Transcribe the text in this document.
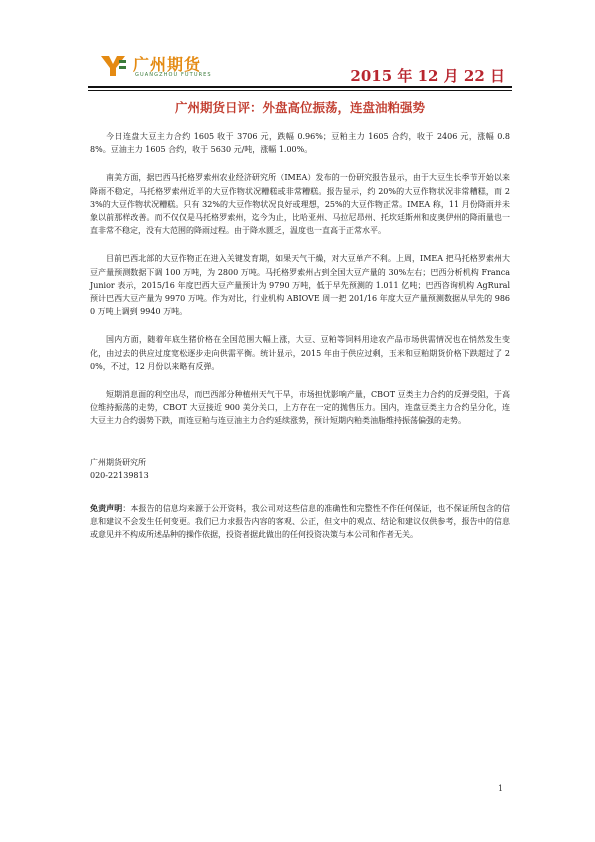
广州期货
GUANGZHOU FUTURES	2015 年 12 月 22 日
广州期货日评：外盘高位振荡，连盘油粕强势

今日连盘大豆主力合约 1605 收于 3706 元，跌幅 0.96%；豆粕主力 1605 合约，收于 2406 元，涨幅 0.88%。豆油主力 1605 合约，收于 5630 元/吨，涨幅 1.00%。

南美方面，据巴西马托格罗索州农业经济研究所（IMEA）发布的一份研究报告显示，由于大豆生长季节开始以来降雨不稳定，马托格罗索州近半的大豆作物状况糟糕或非常糟糕。报告显示，约 20%的大豆作物状况非常糟糕，而 23%的大豆作物状况糟糕。只有 32%的大豆作物状况良好或理想，25%的大豆作物正常。IMEA 称，11 月份降雨并未象以前那样改善。而不仅仅是马托格罗索州，迄今为止，比哈亚州、马拉尼昂州、托坎廷斯州和皮奥伊州的降雨量也一直非常不稳定，没有大范围的降雨过程。由于降水匮乏，温度也一直高于正常水平。

目前巴西北部的大豆作物正在进入关键发育期，如果天气干燥，对大豆单产不利。上周，IMEA 把马托格罗索州大豆产量预测数据下调 100 万吨，为 2800 万吨。马托格罗索州占到全国大豆产量的 30%左右；巴西分析机构 Franca Junior 表示，2015/16 年度巴西大豆产量预计为 9790 万吨，低于早先预测的 1.011 亿吨；巴西咨询机构 AgRural 预计巴西大豆产量为 9970 万吨。作为对比，行业机构 ABIOVE 周一把 201/16 年度大豆产量预测数据从早先的 9860 万吨上调到 9940 万吨。

国内方面，随着年底生猪价格在全国范围大幅上涨，大豆、豆粕等饲料用途农产品市场供需情况也在悄然发生变化，由过去的供应过度宽松逐步走向供需平衡。统计显示，2015 年由于供应过剩，玉米和豆粕期货价格下跌超过了 20%，不过，12 月份以来略有反弹。

短期消息面的利空出尽，而巴西部分种植州天气干旱，市场担忧影响产量，CBOT 豆类主力合约的反弹受阻，于高位维持振荡的走势，CBOT 大豆接近 900 美分关口，上方存在一定的抛售压力。国内，连盘豆类主力合约呈分化，连大豆主力合约弱势下跌，而连豆粕与连豆油主力合约延续涨势，预计短期内粕类油脂维持振荡偏强的走势。

广州期货研究所
020-22139813
免责声明：本报告的信息均来源于公开资料，我公司对这些信息的准确性和完整性不作任何保证，也不保证所包含的信息和建议不会发生任何变更。我们已力求报告内容的客观、公正，但文中的观点、结论和建议仅供参考，报告中的信息或意见并不构成所述品种的操作依据，投资者据此做出的任何投资决策与本公司和作者无关。
1
